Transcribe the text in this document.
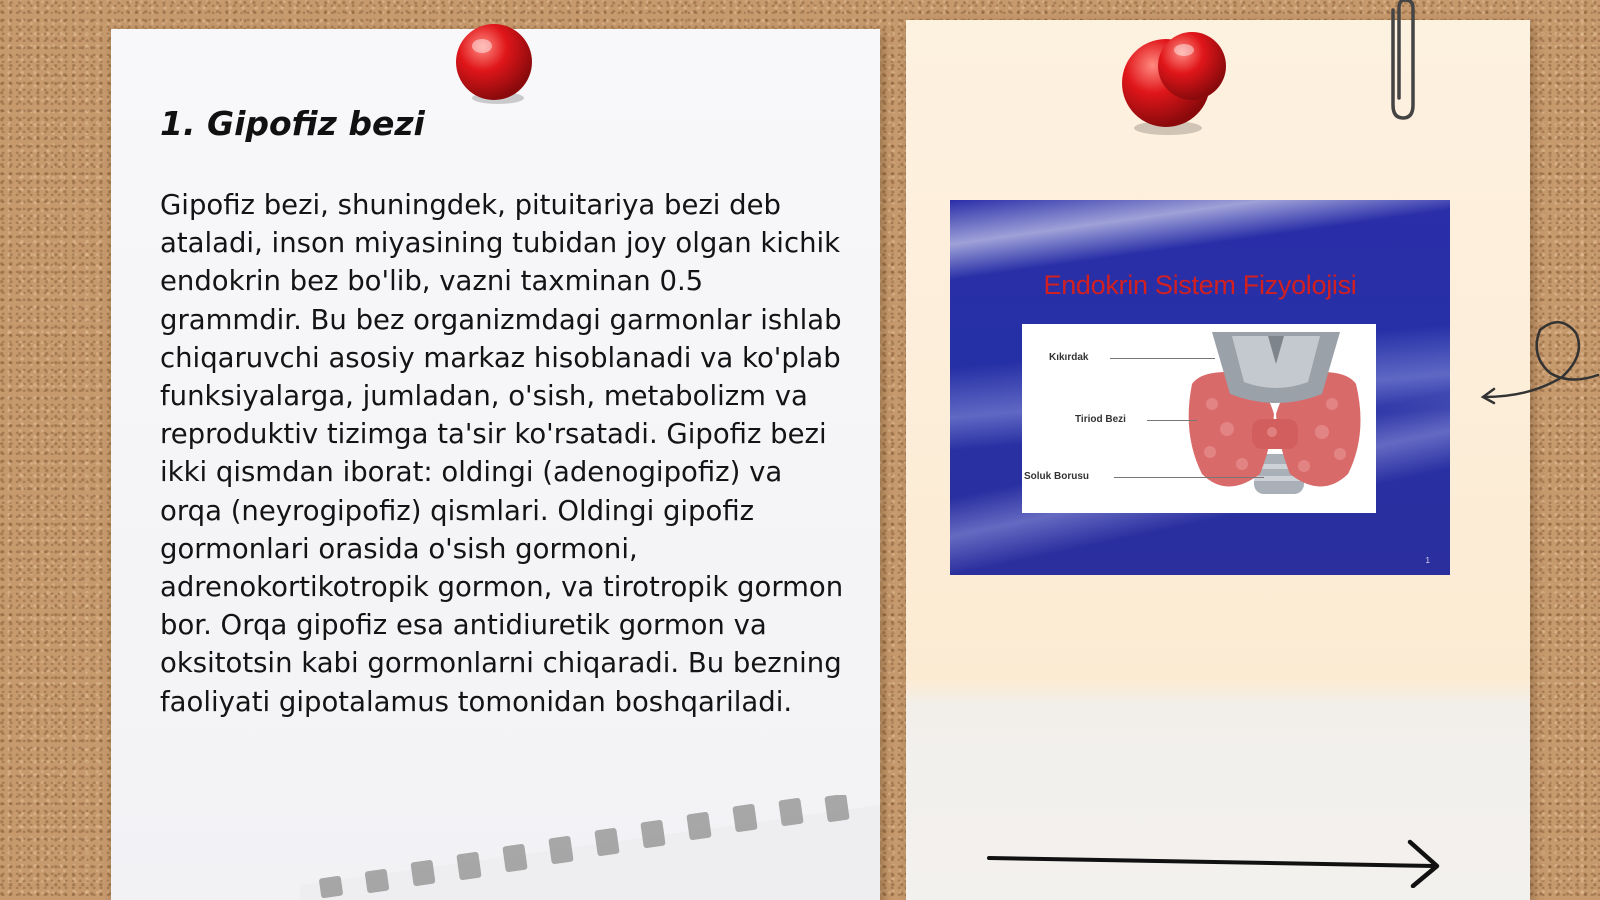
1. Gipofiz bezi

Gipofiz bezi, shuningdek, pituitariya bezi deb ataladi, inson miyasining tubidan joy olgan kichik endokrin bez bo'lib, vazni taxminan 0.5 grammdir. Bu bez organizmdagi garmonlar ishlab chiqaruvchi asosiy markaz hisoblanadi va ko'plab funksiyalarga, jumladan, o'sish, metabolizm va reproduktiv tizimga ta'sir ko'rsatadi. Gipofiz bezi ikki qismdan iborat: oldingi (adenogipofiz) va orqa (neyrogipofiz) qismlari. Oldingi gipofiz gormonlari orasida o'sish gormoni, adrenokortikotropik gormon, va tirotropik gormon bor. Orqa gipofiz esa antidiuretik gormon va oksitotsin kabi gormonlarni chiqaradi. Bu bezning faoliyati gipotalamus tomonidan boshqariladi.

Endokrin Sistem Fizyolojisi
Kıkırdak
Tiriod Bezi
Soluk Borusu
1
